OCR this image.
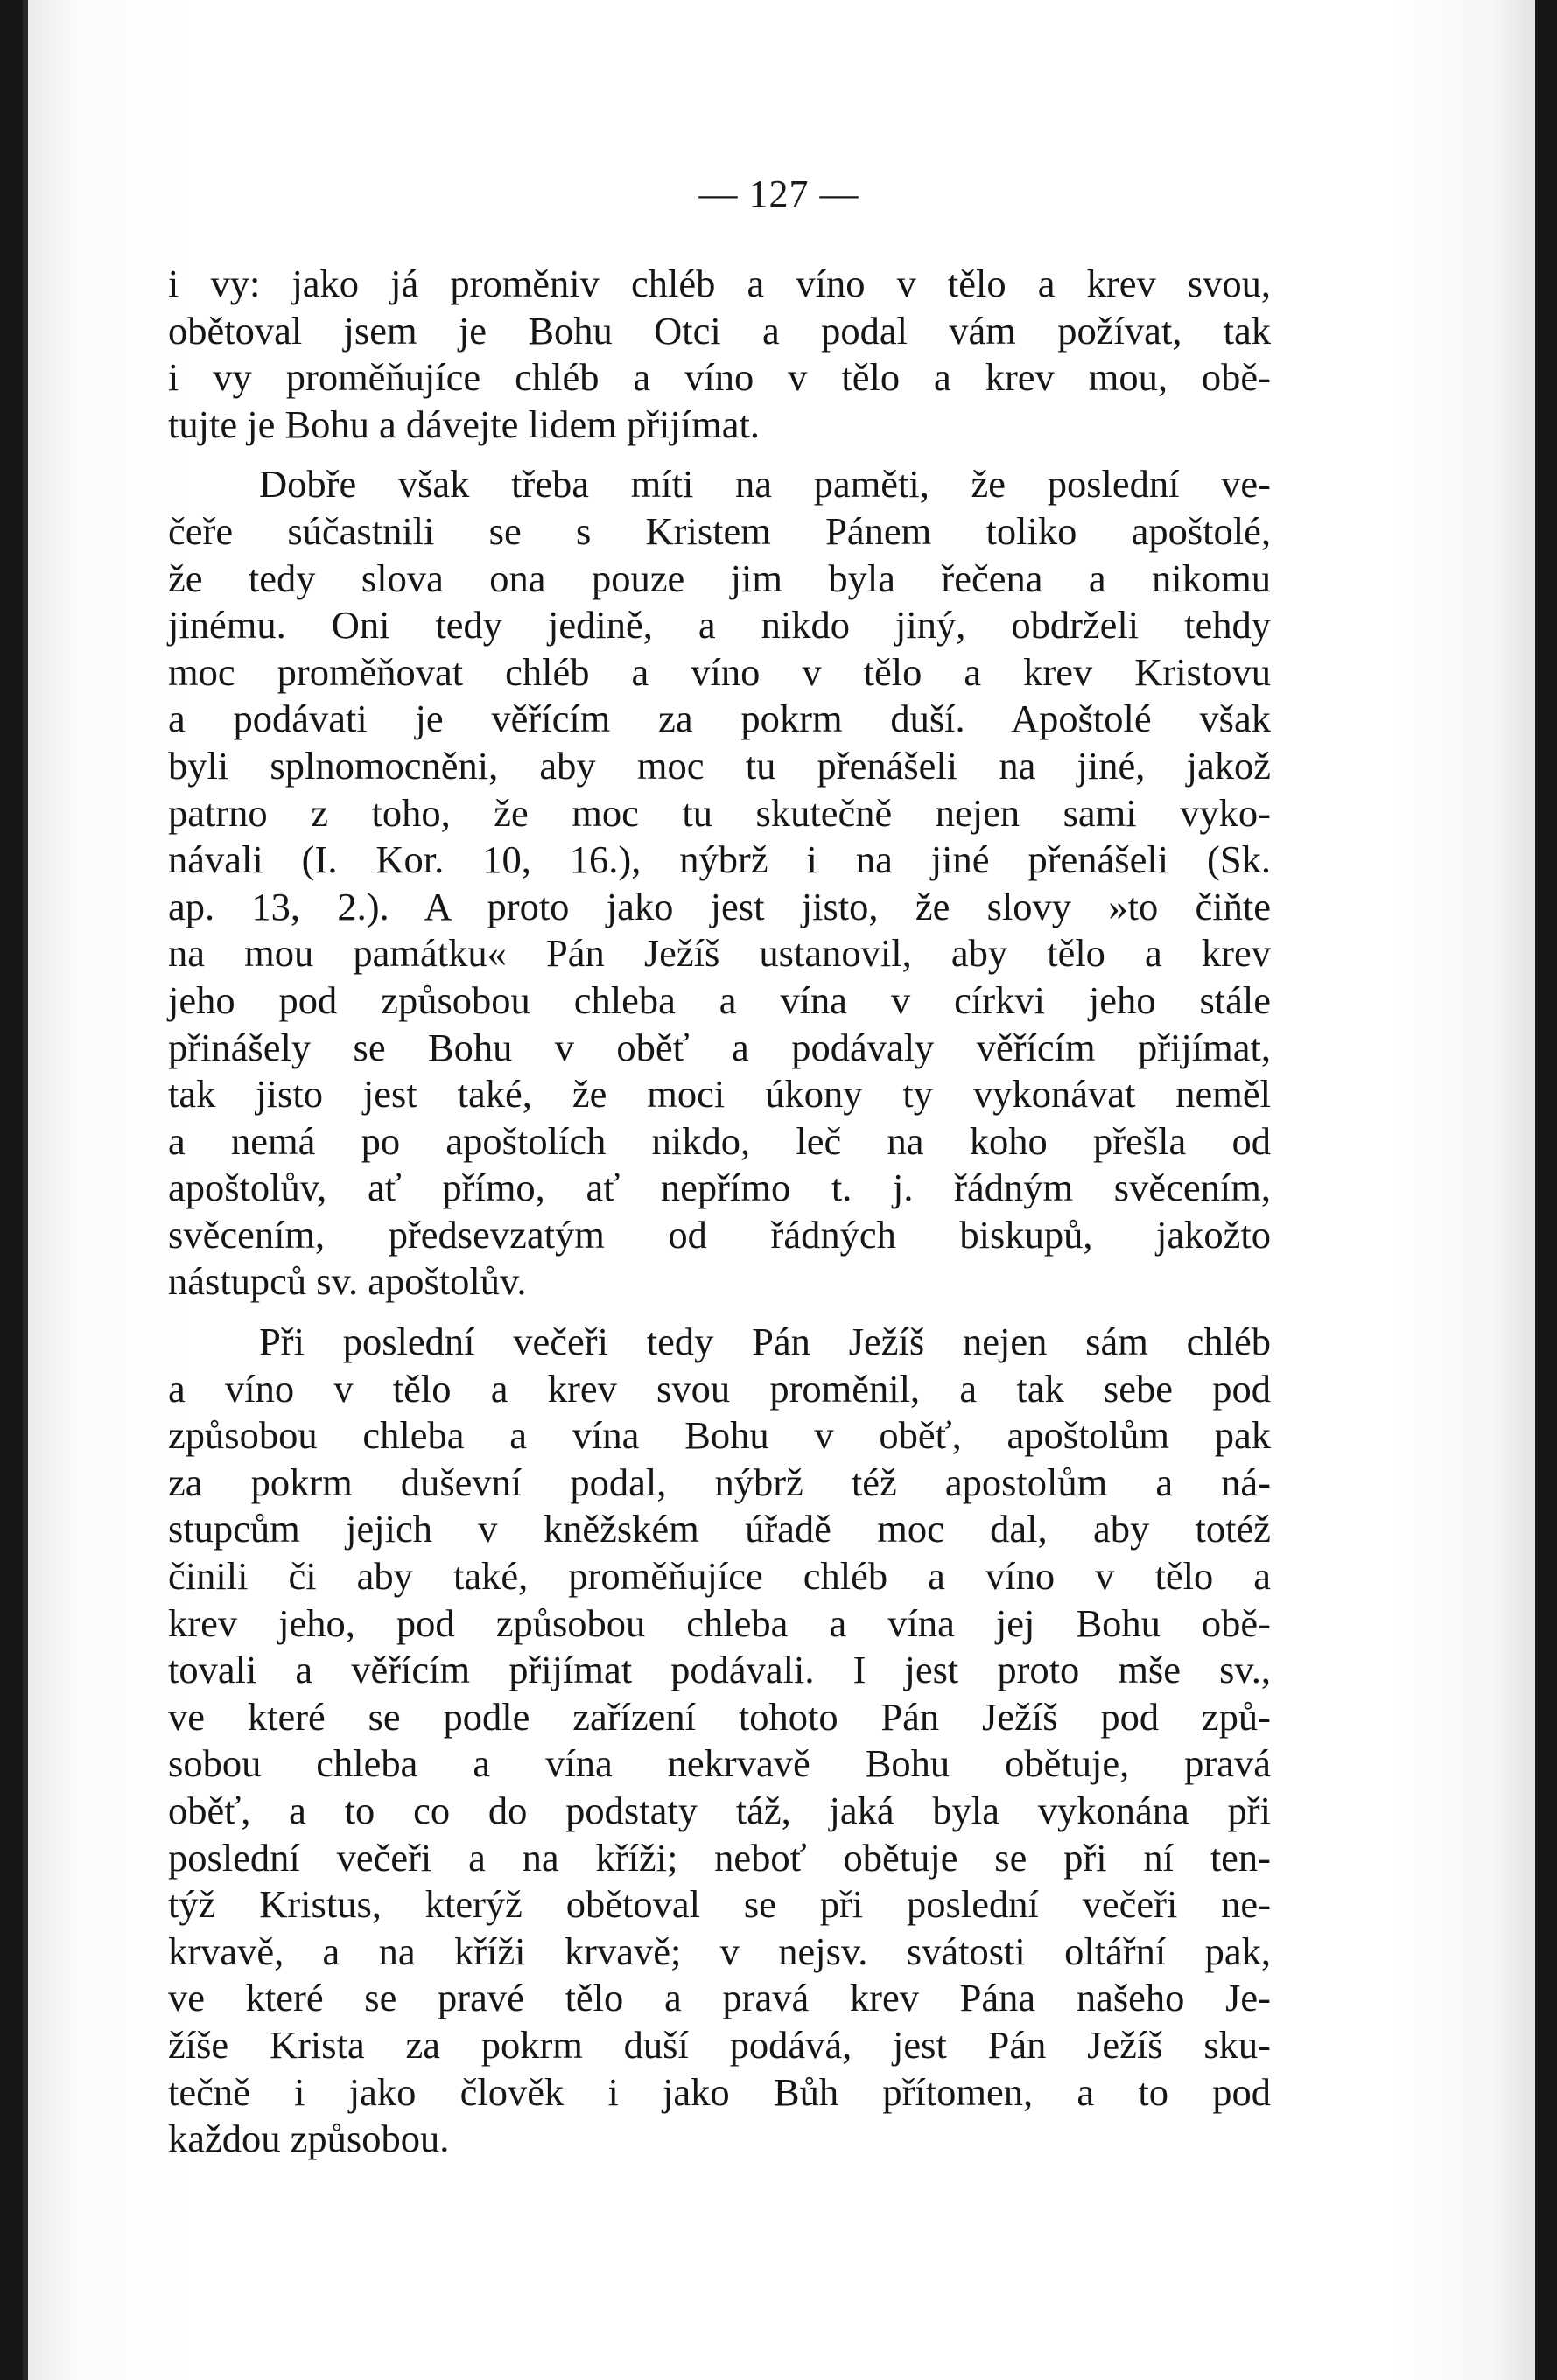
— 127 —
i vy: jako já proměniv chléb a víno v tělo a krev svou,
obětoval jsem je Bohu Otci a podal vám požívat, tak
i vy proměňujíce chléb a víno v tělo a krev mou, obě-
tujte je Bohu a dávejte lidem přijímat.
Dobře však třeba míti na paměti, že poslední ve-
čeře súčastnili se s Kristem Pánem toliko apoštolé,
že tedy slova ona pouze jim byla řečena a nikomu
jinému. Oni tedy jedině, a nikdo jiný, obdrželi tehdy
moc proměňovat chléb a víno v tělo a krev Kristovu
a podávati je věřícím za pokrm duší. Apoštolé však
byli splnomocněni, aby moc tu přenášeli na jiné, jakož
patrno z toho, že moc tu skutečně nejen sami vyko-
návali (I. Kor. 10, 16.), nýbrž i na jiné přenášeli (Sk.
ap. 13, 2.). A proto jako jest jisto, že slovy »to čiňte
na mou památku« Pán Ježíš ustanovil, aby tělo a krev
jeho pod způsobou chleba a vína v církvi jeho stále
přinášely se Bohu v oběť a podávaly věřícím přijímat,
tak jisto jest také, že moci úkony ty vykonávat neměl
a nemá po apoštolích nikdo, leč na koho přešla od
apoštolův, ať přímo, ať nepřímo t. j. řádným svěcením,
svěcením, předsevzatým od řádných biskupů, jakožto
nástupců sv. apoštolův.
Při poslední večeři tedy Pán Ježíš nejen sám chléb
a víno v tělo a krev svou proměnil, a tak sebe pod
způsobou chleba a vína Bohu v oběť, apoštolům pak
za pokrm duševní podal, nýbrž též apostolům a ná-
stupcům jejich v kněžském úřadě moc dal, aby totéž
činili či aby také, proměňujíce chléb a víno v tělo a
krev jeho, pod způsobou chleba a vína jej Bohu obě-
tovali a věřícím přijímat podávali. I jest proto mše sv.,
ve které se podle zařízení tohoto Pán Ježíš pod způ-
sobou chleba a vína nekrvavě Bohu obětuje, pravá
oběť, a to co do podstaty táž, jaká byla vykonána při
poslední večeři a na kříži; neboť obětuje se při ní ten-
týž Kristus, kterýž obětoval se při poslední večeři ne-
krvavě, a na kříži krvavě; v nejsv. svátosti oltářní pak,
ve které se pravé tělo a pravá krev Pána našeho Je-
žíše Krista za pokrm duší podává, jest Pán Ježíš sku-
tečně i jako člověk i jako Bůh přítomen, a to pod
každou způsobou.
